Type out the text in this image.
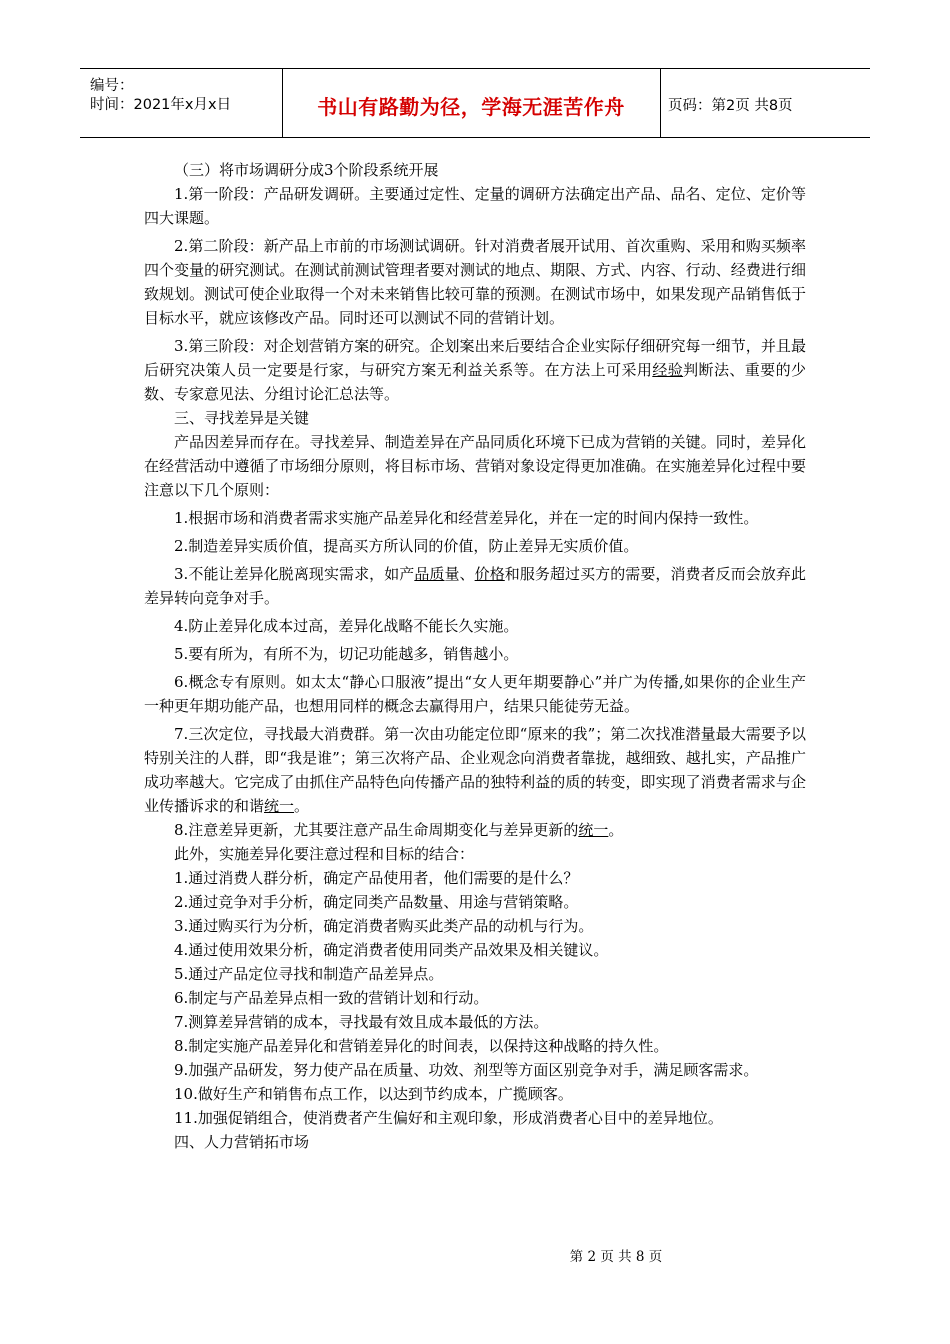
编号：
时间：2021年x月x日	书山有路勤为径，学海无涯苦作舟	页码：第2页 共8页

（三）将市场调研分成3个阶段系统开展

1.第一阶段：产品研发调研。主要通过定性、定量的调研方法确定出产品、品名、定位、定价等四大课题。

2.第二阶段：新产品上市前的市场测试调研。针对消费者展开试用、首次重购、采用和购买频率四个变量的研究测试。在测试前测试管理者要对测试的地点、期限、方式、内容、行动、经费进行细致规划。测试可使企业取得一个对未来销售比较可靠的预测。在测试市场中，如果发现产品销售低于目标水平，就应该修改产品。同时还可以测试不同的营销计划。

3.第三阶段：对企划营销方案的研究。企划案出来后要结合企业实际仔细研究每一细节，并且最后研究决策人员一定要是行家，与研究方案无利益关系等。在方法上可采用经验判断法、重要的少数、专家意见法、分组讨论汇总法等。

三、寻找差异是关键

产品因差异而存在。寻找差异、制造差异在产品同质化环境下已成为营销的关键。同时，差异化在经营活动中遵循了市场细分原则，将目标市场、营销对象设定得更加准确。在实施差异化过程中要注意以下几个原则：

1.根据市场和消费者需求实施产品差异化和经营差异化，并在一定的时间内保持一致性。

2.制造差异实质价值，提高买方所认同的价值，防止差异无实质价值。

3.不能让差异化脱离现实需求，如产品质量、价格和服务超过买方的需要，消费者反而会放弃此差异转向竞争对手。

4.防止差异化成本过高，差异化战略不能长久实施。

5.要有所为，有所不为，切记功能越多，销售越小。

6.概念专有原则。如太太“静心口服液”提出“女人更年期要静心”并广为传播,如果你的企业生产一种更年期功能产品，也想用同样的概念去赢得用户，结果只能徒劳无益。

7.三次定位，寻找最大消费群。第一次由功能定位即“原来的我”；第二次找准潜量最大需要予以特别关注的人群，即“我是谁”；第三次将产品、企业观念向消费者靠拢，越细致、越扎实，产品推广成功率越大。它完成了由抓住产品特色向传播产品的独特利益的质的转变，即实现了消费者需求与企业传播诉求的和谐统一。

8.注意差异更新，尤其要注意产品生命周期变化与差异更新的统一。

此外，实施差异化要注意过程和目标的结合：

1.通过消费人群分析，确定产品使用者，他们需要的是什么？

2.通过竞争对手分析，确定同类产品数量、用途与营销策略。

3.通过购买行为分析，确定消费者购买此类产品的动机与行为。

4.通过使用效果分析，确定消费者使用同类产品效果及相关键议。

5.通过产品定位寻找和制造产品差异点。

6.制定与产品差异点相一致的营销计划和行动。

7.测算差异营销的成本，寻找最有效且成本最低的方法。

8.制定实施产品差异化和营销差异化的时间表，以保持这种战略的持久性。

9.加强产品研发，努力使产品在质量、功效、剂型等方面区别竞争对手，满足顾客需求。

10.做好生产和销售布点工作，以达到节约成本，广揽顾客。

11.加强促销组合，使消费者产生偏好和主观印象，形成消费者心目中的差异地位。

四、人力营销拓市场

第 2 页 共 8 页
